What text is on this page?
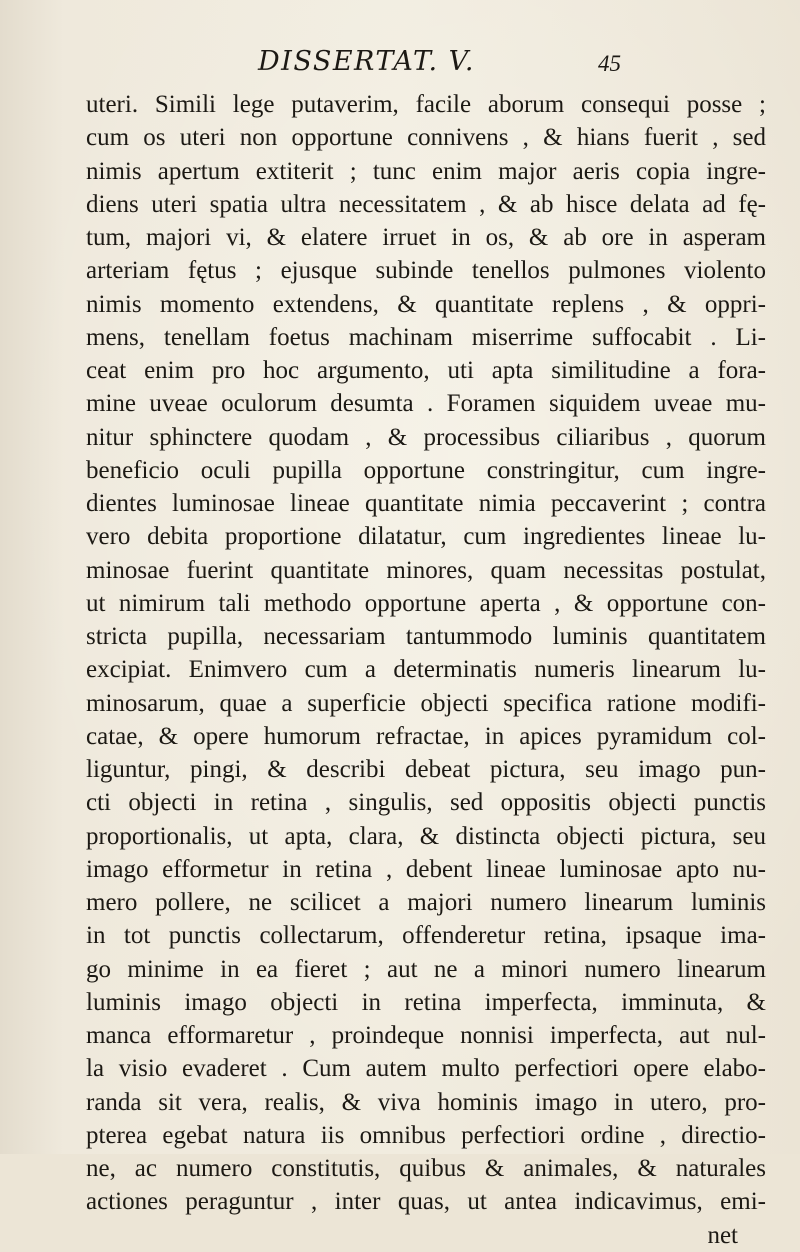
DISSERTAT. V.	45
uteri. Simili lege putaverim, facile aborum consequi posse ;
cum os uteri non opportune connivens , & hians fuerit , sed
nimis apertum extiterit ; tunc enim major aeris copia ingre-
diens uteri spatia ultra necessitatem , & ab hisce delata ad fę-
tum, majori vi, & elatere irruet in os, & ab ore in asperam
arteriam fętus ; ejusque subinde tenellos pulmones violento
nimis momento extendens, & quantitate replens , & oppri-
mens, tenellam foetus machinam miserrime suffocabit . Li-
ceat enim pro hoc argumento, uti apta similitudine a fora-
mine uveae oculorum desumta . Foramen siquidem uveae mu-
nitur sphinctere quodam , & processibus ciliaribus , quorum
beneficio oculi pupilla opportune constringitur, cum ingre-
dientes luminosae lineae quantitate nimia peccaverint ; contra
vero debita proportione dilatatur, cum ingredientes lineae lu-
minosae fuerint quantitate minores, quam necessitas postulat,
ut nimirum tali methodo opportune aperta , & opportune con-
stricta pupilla, necessariam tantummodo luminis quantitatem
excipiat. Enimvero cum a determinatis numeris linearum lu-
minosarum, quae a superficie objecti specifica ratione modifi-
catae, & opere humorum refractae, in apices pyramidum col-
liguntur, pingi, & describi debeat pictura, seu imago pun-
cti objecti in retina , singulis, sed oppositis objecti punctis
proportionalis, ut apta, clara, & distincta objecti pictura, seu
imago efformetur in retina , debent lineae luminosae apto nu-
mero pollere, ne scilicet a majori numero linearum luminis
in tot punctis collectarum, offenderetur retina, ipsaque ima-
go minime in ea fieret ; aut ne a minori numero linearum
luminis imago objecti in retina imperfecta, imminuta, &
manca efformaretur , proindeque nonnisi imperfecta, aut nul-
la visio evaderet . Cum autem multo perfectiori opere elabo-
randa sit vera, realis, & viva hominis imago in utero, pro-
pterea egebat natura iis omnibus perfectiori ordine , directio-
ne, ac numero constitutis, quibus & animales, & naturales
actiones peraguntur , inter quas, ut antea indicavimus, emi-
net
